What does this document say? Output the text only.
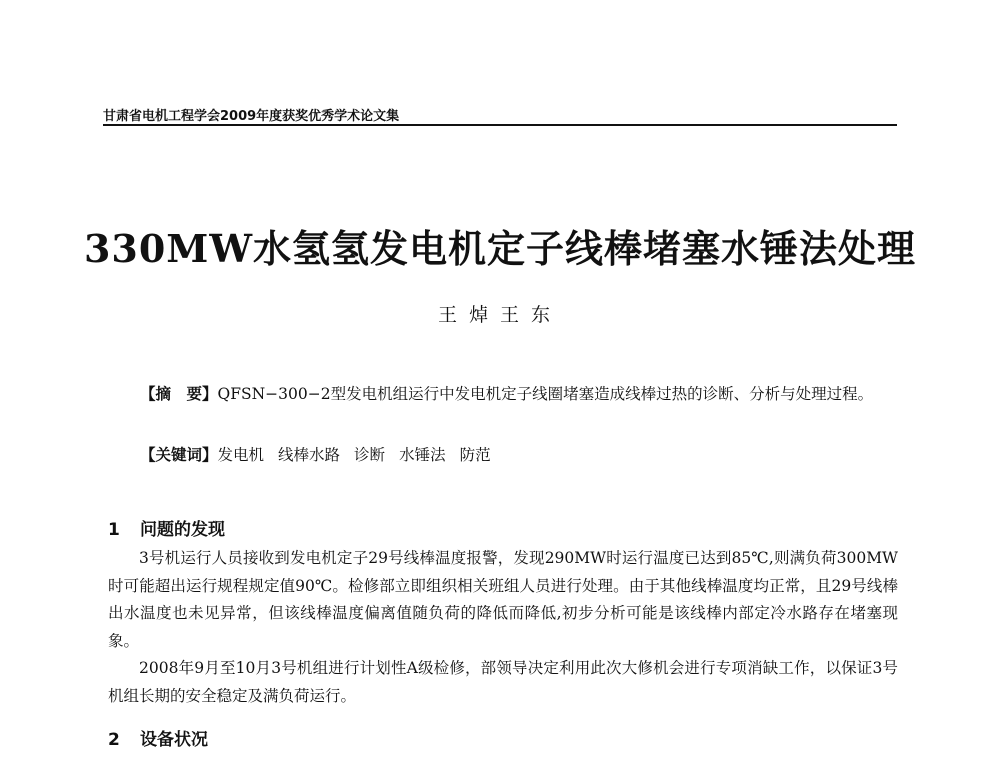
甘肃省电机工程学会2009年度获奖优秀学术论文集
330MW水氢氢发电机定子线棒堵塞水锤法处理
王焯王东

【摘　要】QFSN−300−2型发电机组运行中发电机定子线圈堵塞造成线棒过热的诊断、分析与处理过程。

【关键词】发电机 线棒水路 诊断 水锤法 防范
1 问题的发现

3号机运行人员接收到发电机定子29号线棒温度报警，发现290MW时运行温度已达到85℃,则满负荷300MW时可能超出运行规程规定值90℃。检修部立即组织相关班组人员进行处理。由于其他线棒温度均正常，且29号线棒出水温度也未见异常，但该线棒温度偏离值随负荷的降低而降低,初步分析可能是该线棒内部定冷水路存在堵塞现象。

2008年9月至10月3号机组进行计划性A级检修，部领导决定利用此次大修机会进行专项消缺工作，以保证3号机组长期的安全稳定及满负荷运行。

2 设备状况
